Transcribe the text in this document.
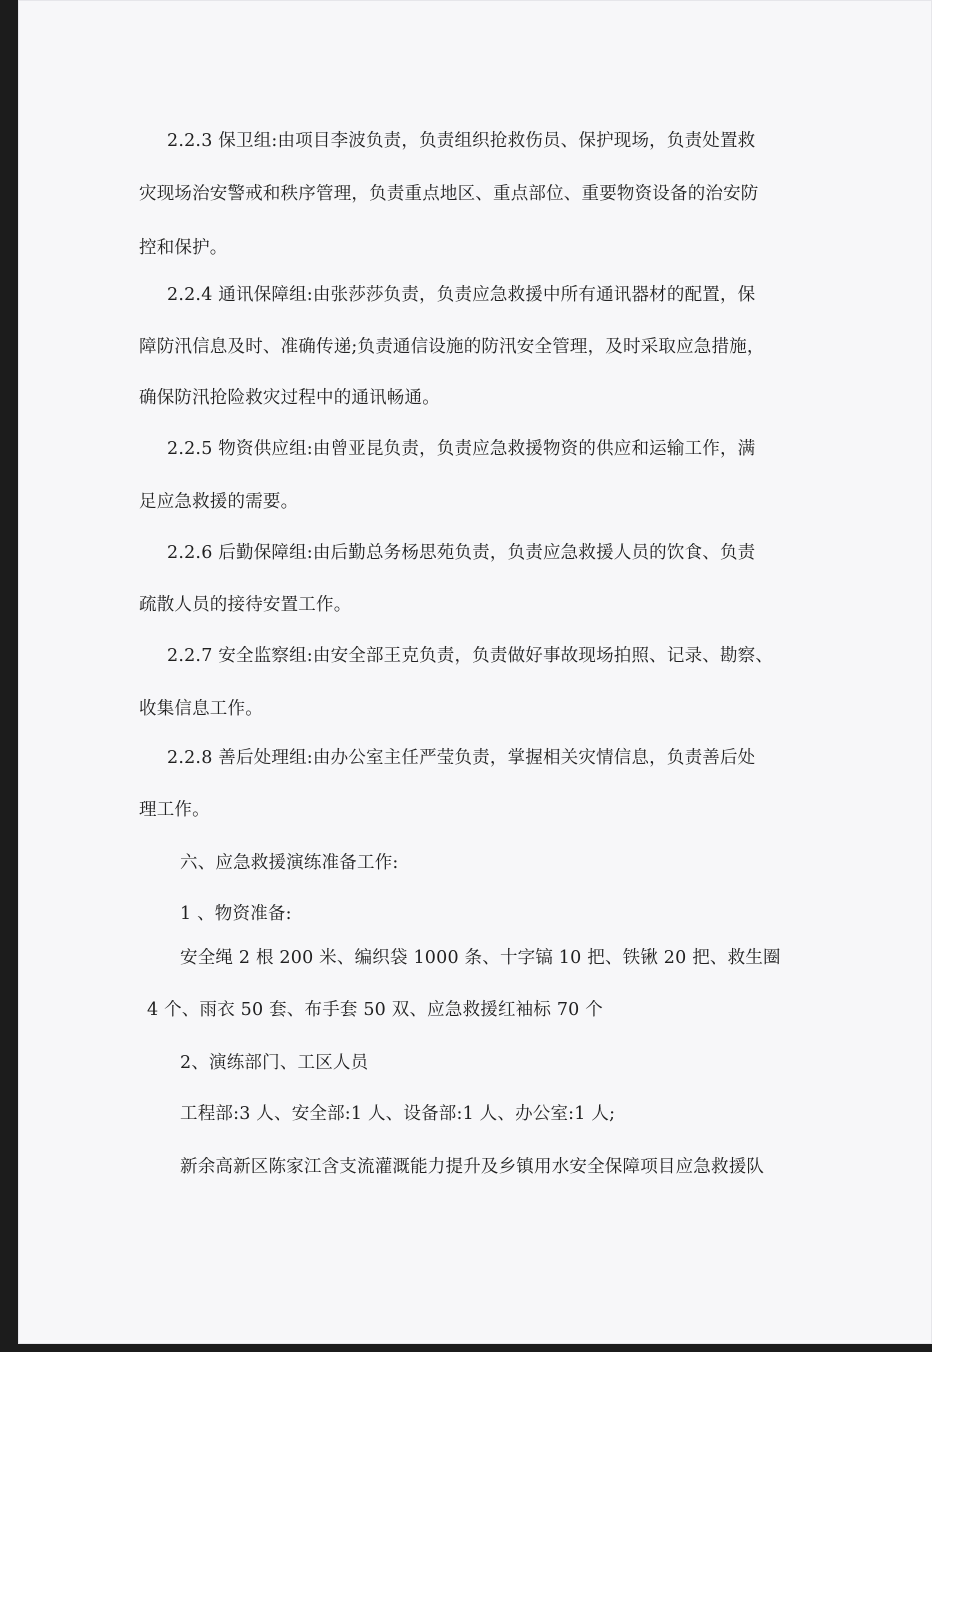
2.2.3 保卫组:由项目李波负责，负责组织抢救伤员、保护现场，负责处置救
灾现场治安警戒和秩序管理，负责重点地区、重点部位、重要物资设备的治安防
控和保护。
2.2.4 通讯保障组:由张莎莎负责，负责应急救援中所有通讯器材的配置，保
障防汛信息及时、准确传递;负责通信设施的防汛安全管理，及时采取应急措施，
确保防汛抢险救灾过程中的通讯畅通。
2.2.5 物资供应组:由曾亚昆负责，负责应急救援物资的供应和运输工作，满
足应急救援的需要。
2.2.6 后勤保障组:由后勤总务杨思苑负责，负责应急救援人员的饮食、负责
疏散人员的接待安置工作。
2.2.7 安全监察组:由安全部王克负责，负责做好事故现场拍照、记录、勘察、
收集信息工作。
2.2.8 善后处理组:由办公室主任严莹负责，掌握相关灾情信息，负责善后处
理工作。
六、应急救援演练准备工作:
1 、物资准备:
安全绳 2 根 200 米、编织袋 1000 条、十字镐 10 把、铁锹 20 把、救生圈
4 个、雨衣 50 套、布手套 50 双、应急救援红袖标 70 个
2、演练部门、工区人员
工程部:3 人、安全部:1 人、设备部:1 人、办公室:1 人;
新余高新区陈家江含支流灌溉能力提升及乡镇用水安全保障项目应急救援队
